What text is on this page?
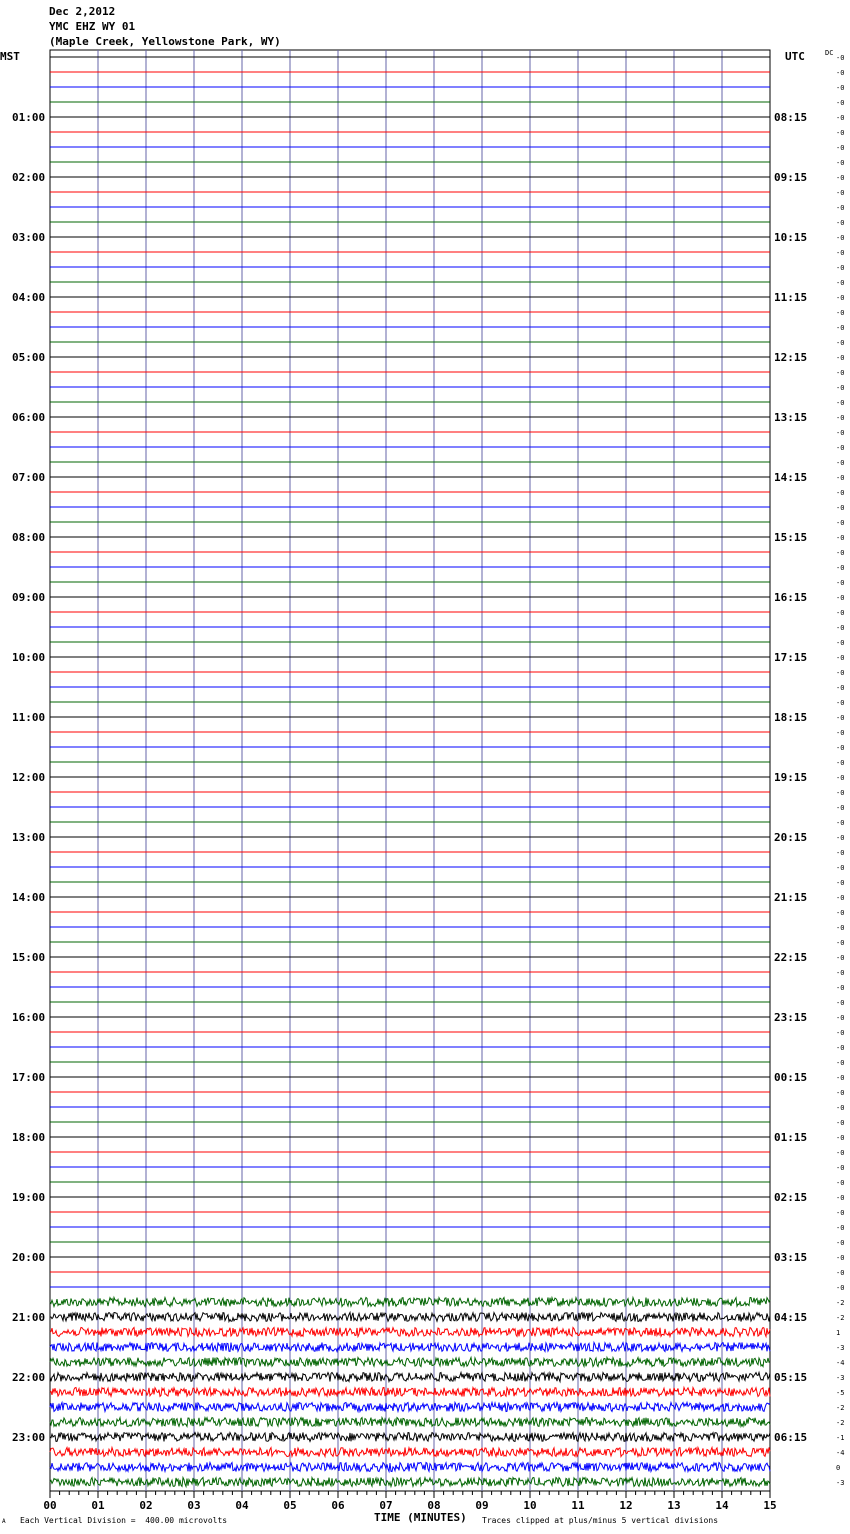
Dec 2,2012
YMC EHZ WY 01
(Maple Creek, Yellowstone Park, WY)
MST	UTC	DC
-0
-0
-0
-0
-0
-0
-0
-0
-0
-0
-0
-0
-0
-0
-0
-0
-0
-0
-0
-0
-0
-0
-0
-0
-0
-0
-0
-0
-0
-0
-0
-0
-0
-0
-0
-0
-0
-0
-0
-0
-0
-0
-0
-0
-0
-0
-0
-0
-0
-0
-0
-0
-0
-0
-0
-0
-0
-0
-0
-0
-0
-0
-0
-0
-0
-0
-0
-0
-0
-0
-0
-0
-0
-0
-0
-0
-0
-0
-0
-0
-0
-0
-0
-2
-2
1
-3
-4
-3
-5
-2
-2
-1
-4
0
-3
01:00
02:00
03:00
04:00
05:00
06:00
07:00
08:00
09:00
10:00
11:00
12:00
13:00
14:00
15:00
16:00
17:00
18:00
19:00
20:00
21:00
22:00
23:00
08:15
09:15
10:15
11:15
12:15
13:15
14:15
15:15
16:15
17:15
18:15
19:15
20:15
21:15
22:15
23:15
00:15
01:15
02:15
03:15
04:15
05:15
06:15
00	01	02	03	04	05	06	07	08	09	10	11	12	13	14	15
TIME (MINUTES)
Each Vertical Division =  400.00 microvolts	Traces clipped at plus/minus 5 vertical divisions
A
